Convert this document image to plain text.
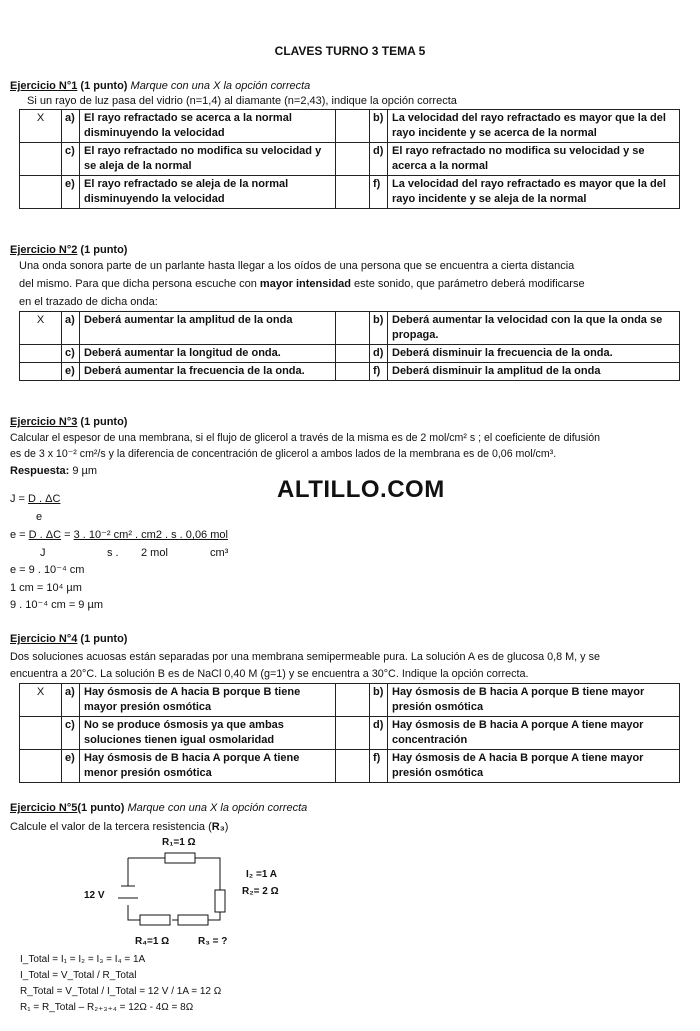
CLAVES TURNO 3 TEMA 5
Ejercicio N°1 (1 punto) Marque con una X la opción correcta
Si un rayo de luz pasa del vidrio (n=1,4) al diamante (n=2,43), indique la opción correcta
X	a)	El rayo refractado se acerca a la normal disminuyendo la velocidad		b)	La velocidad del rayo refractado es mayor que la del rayo incidente y se acerca de la normal
	c)	El rayo refractado no modifica su velocidad y se aleja de la normal		d)	El rayo refractado no modifica su velocidad y se acerca a la normal
	e)	El rayo refractado se aleja de la normal disminuyendo la velocidad		f)	La velocidad del rayo refractado es mayor que la del rayo incidente y se aleja de la normal
Ejercicio N°2 (1 punto)
Una onda sonora parte de un parlante hasta llegar a los oídos de una persona que se encuentra a cierta distancia
del mismo. Para que dicha persona escuche con mayor intensidad este sonido, que parámetro deberá modificarse
en el trazado de dicha onda:
X	a)	Deberá aumentar la amplitud de la onda		b)	Deberá aumentar la velocidad con la que la onda se propaga.
	c)	Deberá aumentar la longitud de onda.		d)	Deberá disminuir la frecuencia de la onda.
	e)	Deberá aumentar la frecuencia de la onda.		f)	Deberá disminuir la amplitud de la onda
Ejercicio N°3 (1 punto)
Calcular el espesor de una membrana, si el flujo de glicerol a través de la misma es de 2 mol/cm² s ; el coeficiente de difusión
es de 3 x 10⁻² cm²/s y la diferencia de concentración de glicerol a ambos lados de la membrana es de 0,06 mol/cm³.
Respuesta: 9 µm
J = D . ΔC
e
e = D . ΔC = 3 . 10⁻² cm² . cm2 . s . 0,06 mol
J	s . 2 mol	cm³
e = 9 . 10⁻⁴ cm
1 cm = 10⁴ µm
9 . 10⁻⁴ cm = 9 µm
ALTILLO.COM
Ejercicio N°4 (1 punto)
Dos soluciones acuosas están separadas por una membrana semipermeable pura. La solución A es de glucosa 0,8 M, y se
encuentra a 20°C. La solución B es de NaCl 0,40 M (g=1) y se encuentra a 30°C. Indique la opción correcta.
X	a)	Hay ósmosis de A hacia B porque B tiene mayor presión osmótica		b)	Hay ósmosis de B hacia A porque B tiene mayor presión osmótica
	c)	No se produce ósmosis ya que ambas soluciones tienen igual osmolaridad		d)	Hay ósmosis de B hacia A porque A tiene mayor concentración
	e)	Hay ósmosis de B hacia A porque A tiene menor presión osmótica		f)	Hay ósmosis de A hacia B porque A tiene mayor presión osmótica
Ejercicio N°5(1 punto) Marque con una X la opción correcta
Calcule el valor de la tercera resistencia (R₃)
R₁=1 Ω
I₂ =1 A
R₂= 2 Ω
12 V
R₄=1 Ω	R₃ = ?
I_Total = I₁ = I₂ = I₃ = I₄ = 1A
I_Total = V_Total / R_Total
R_Total = V_Total / I_Total = 12 V / 1A = 12 Ω
R₁ = R_Total – R₂₊₃₊₄ = 12Ω - 4Ω = 8Ω
